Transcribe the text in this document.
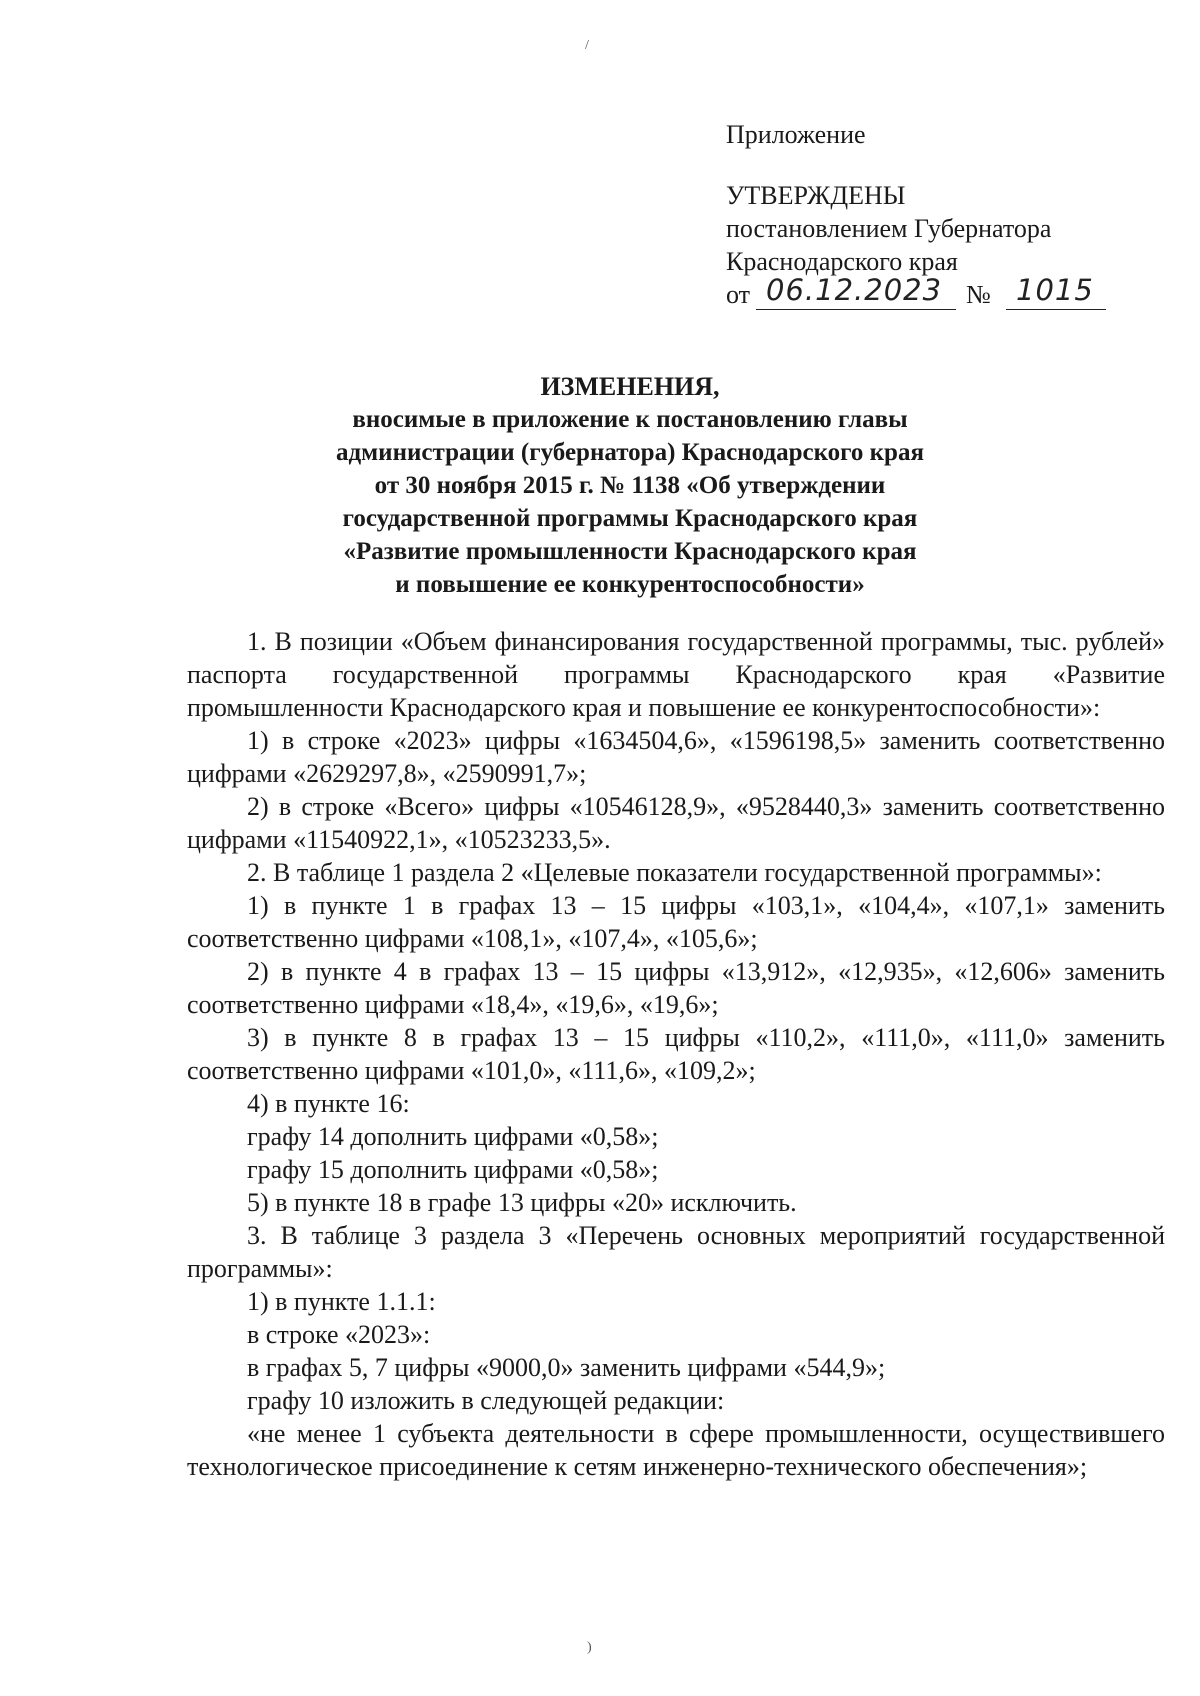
/
)
Приложение
УТВЕРЖДЕНЫ
постановлением Губернатора
Краснодарского края
от 06.12.2023 № 1015
ИЗМЕНЕНИЯ,
вносимые в приложение к постановлению главы
администрации (губернатора) Краснодарского края
от 30 ноября 2015 г. № 1138 «Об утверждении
государственной программы Краснодарского края
«Развитие промышленности Краснодарского края
и повышение ее конкурентоспособности»

1. В позиции «Объем финансирования государственной программы, тыс. рублей» паспорта государственной программы Краснодарского края «Развитие промышленности Краснодарского края и повышение ее конкурентоспособности»:

1) в строке «2023» цифры «1634504,6», «1596198,5» заменить соответственно цифрами «2629297,8», «2590991,7»;

2) в строке «Всего» цифры «10546128,9», «9528440,3» заменить соответственно цифрами «11540922,1», «10523233,5».

2. В таблице 1 раздела 2 «Целевые показатели государственной программы»:

1) в пункте 1 в графах 13 – 15 цифры «103,1», «104,4», «107,1» заменить соответственно цифрами «108,1», «107,4», «105,6»;

2) в пункте 4 в графах 13 – 15 цифры «13,912», «12,935», «12,606» заменить соответственно цифрами «18,4», «19,6», «19,6»;

3) в пункте 8 в графах 13 – 15 цифры «110,2», «111,0», «111,0» заменить соответственно цифрами «101,0», «111,6», «109,2»;

4) в пункте 16:

графу 14 дополнить цифрами «0,58»;

графу 15 дополнить цифрами «0,58»;

5) в пункте 18 в графе 13 цифры «20» исключить.

3. В таблице 3 раздела 3 «Перечень основных мероприятий государственной программы»:

1) в пункте 1.1.1:

в строке «2023»:

в графах 5, 7 цифры «9000,0» заменить цифрами «544,9»;

графу 10 изложить в следующей редакции:

«не менее 1 субъекта деятельности в сфере промышленности, осуществившего технологическое присоединение к сетям инженерно-технического обеспечения»;
